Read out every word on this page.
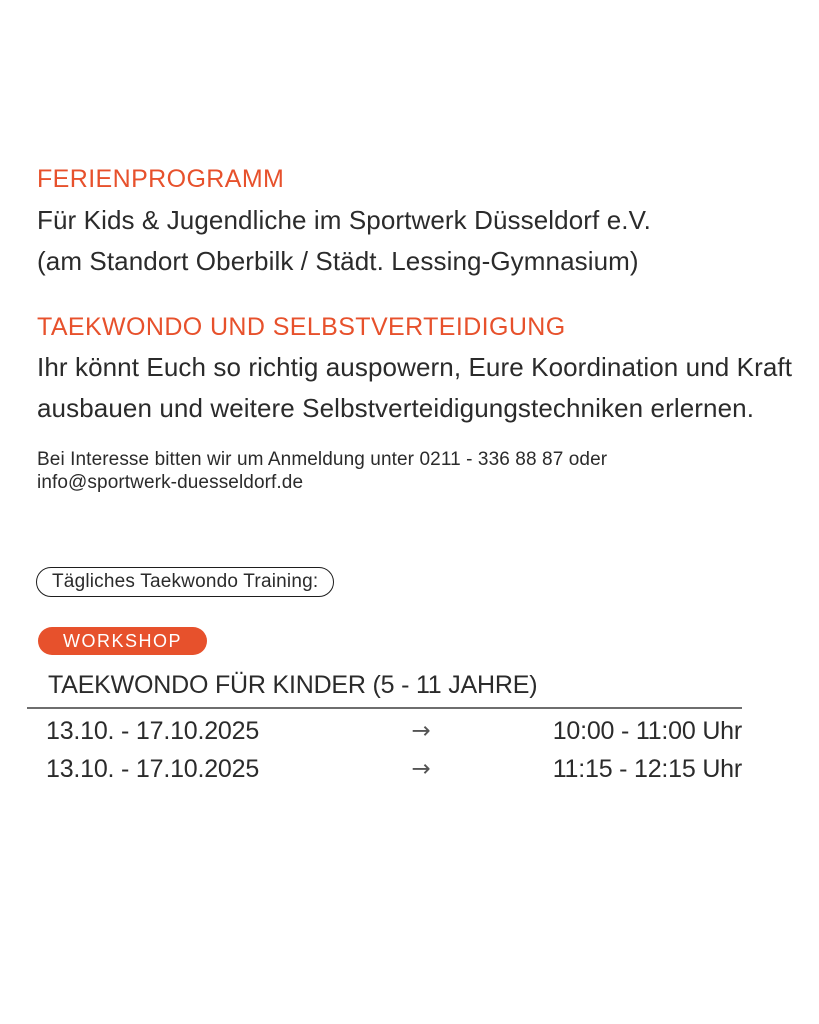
FERIENPROGRAMM
Für Kids & Jugendliche im Sportwerk Düsseldorf e.V.
(am Standort Oberbilk / Städt. Lessing-Gymnasium)
TAEKWONDO UND SELBSTVERTEIDIGUNG
Ihr könnt Euch so richtig auspowern, Eure Koordination und Kraft
ausbauen und weitere Selbstverteidigungstechniken erlernen.
Bei Interesse bitten wir um Anmeldung unter 0211 - 336 88 87 oder
info@sportwerk-duesseldorf.de
Tägliches Taekwondo Training:
WORKSHOP
TAEKWONDO FÜR KINDER (5 - 11 JAHRE)
13.10. - 17.10.2025	→	10:00 - 11:00 Uhr
13.10. - 17.10.2025	→	11:15 - 12:15 Uhr
